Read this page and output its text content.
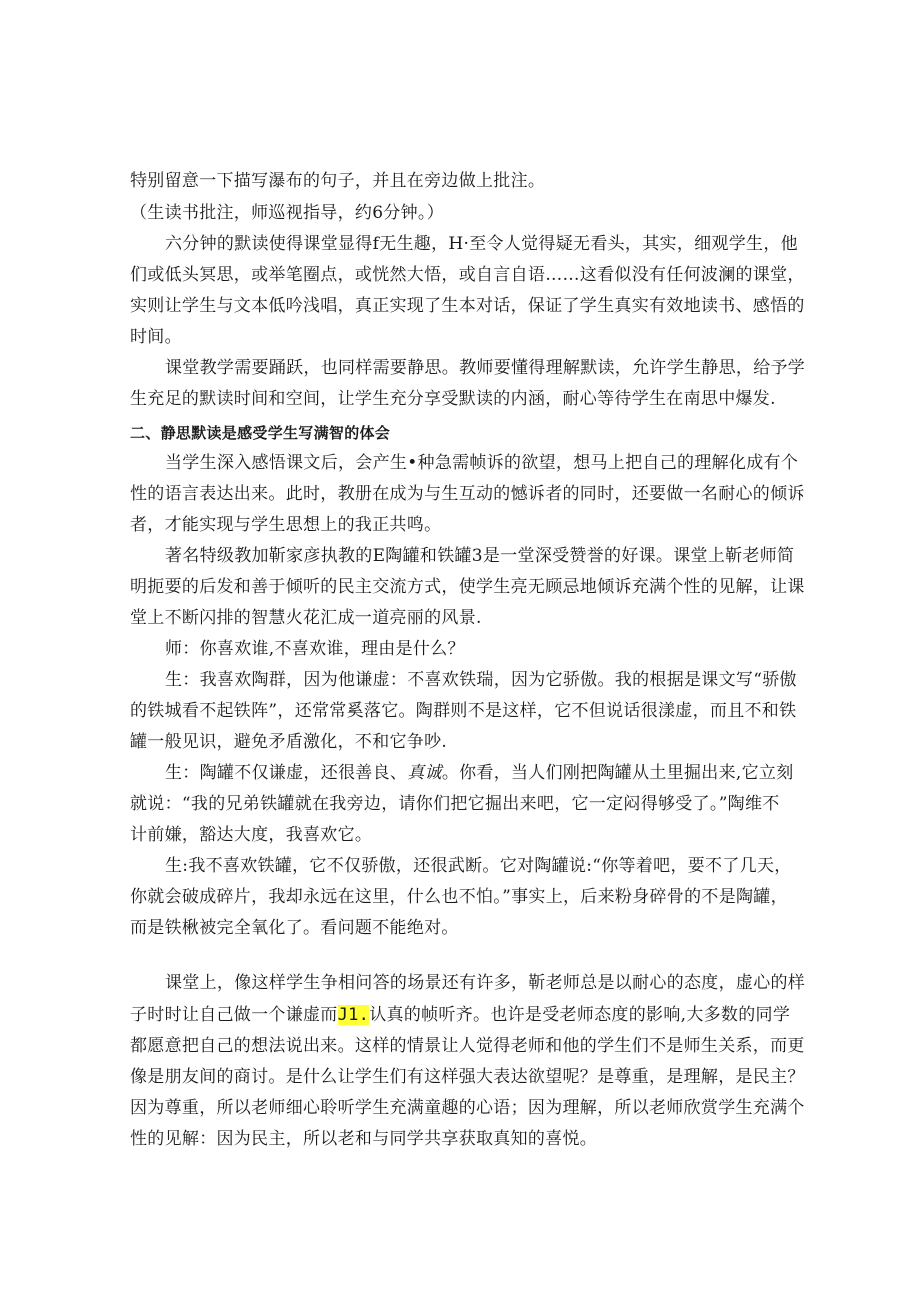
特别留意一下描写瀑布的句子，并且在旁边做上批注。
（生读书批注，师巡视指导，约6分钟。）
六分钟的默读使得课堂显得f无生趣，H·至令人觉得疑无看头，其实，细观学生，他
们或低头冥思，或举笔圈点，或恍然大悟，或自言自语……这看似没有任何波澜的课堂，
实则让学生与文本低吟浅唱，真正实现了生本对话，保证了学生真实有效地读书、感悟的
时间。
课堂教学需要踊跃，也同样需要静思。教师要懂得理解默读，允许学生静思，给予学
生充足的默读时间和空间，让学生充分享受默读的内涵，耐心等待学生在南思中爆发.
二、静思默读是感受学生写满智的体会
当学生深入感悟课文后，会产生•种急需帧诉的欲望，想马上把自己的理解化成有个
性的语言表达出来。此时，教册在成为与生互动的憾诉者的同时，还要做一名耐心的倾诉
者，才能实现与学生思想上的我正共鸣。
著名特级教加靳家彦执教的E陶罐和铁罐3是一堂深受赞誉的好课。课堂上靳老师简
明扼要的后发和善于倾听的民主交流方式，使学生亮无顾忌地倾诉充满个性的见解，让课
堂上不断闪排的智慧火花汇成一道亮丽的风景.
师：你喜欢谁,不喜欢谁，理由是什么？
生：我喜欢陶群，因为他谦虚：不喜欢铁瑞，因为它骄傲。我的根据是课文写“骄傲
的铁城看不起铁阵”，还常常奚落它。陶群则不是这样，它不但说话很漾虚，而且不和铁
罐一般见识，避免矛盾激化，不和它争吵.
生：陶罐不仅谦虚，还很善良、真诚。你看，当人们刚把陶罐从土里掘出来,它立刻
就说：“我的兄弟铁罐就在我旁边，请你们把它掘出来吧，它一定闷得够受了。”陶维不
计前嫌，豁达大度，我喜欢它。
生:我不喜欢铁罐，它不仅骄傲，还很武断。它对陶罐说:“你等着吧，要不了几天，
你就会破成碎片，我却永远在这里，什么也不怕。”事实上，后来粉身碎骨的不是陶罐，
而是铁楸被完全氧化了。看问题不能绝对。
课堂上，像这样学生争相问答的场景还有许多，靳老师总是以耐心的态度，虚心的样
子时时让自己做一个谦虚而J1.认真的帧听齐。也许是受老师态度的影响,大多数的同学
都愿意把自己的想法说出来。这样的情景让人觉得老师和他的学生们不是师生关系，而更
像是朋友间的商讨。是什么让学生们有这样强大表达欲望呢？是尊重，是理解，是民主？
因为尊重，所以老师细心聆听学生充满童趣的心语；因为理解，所以老师欣赏学生充满个
性的见解：因为民主，所以老和与同学共享获取真知的喜悦。
